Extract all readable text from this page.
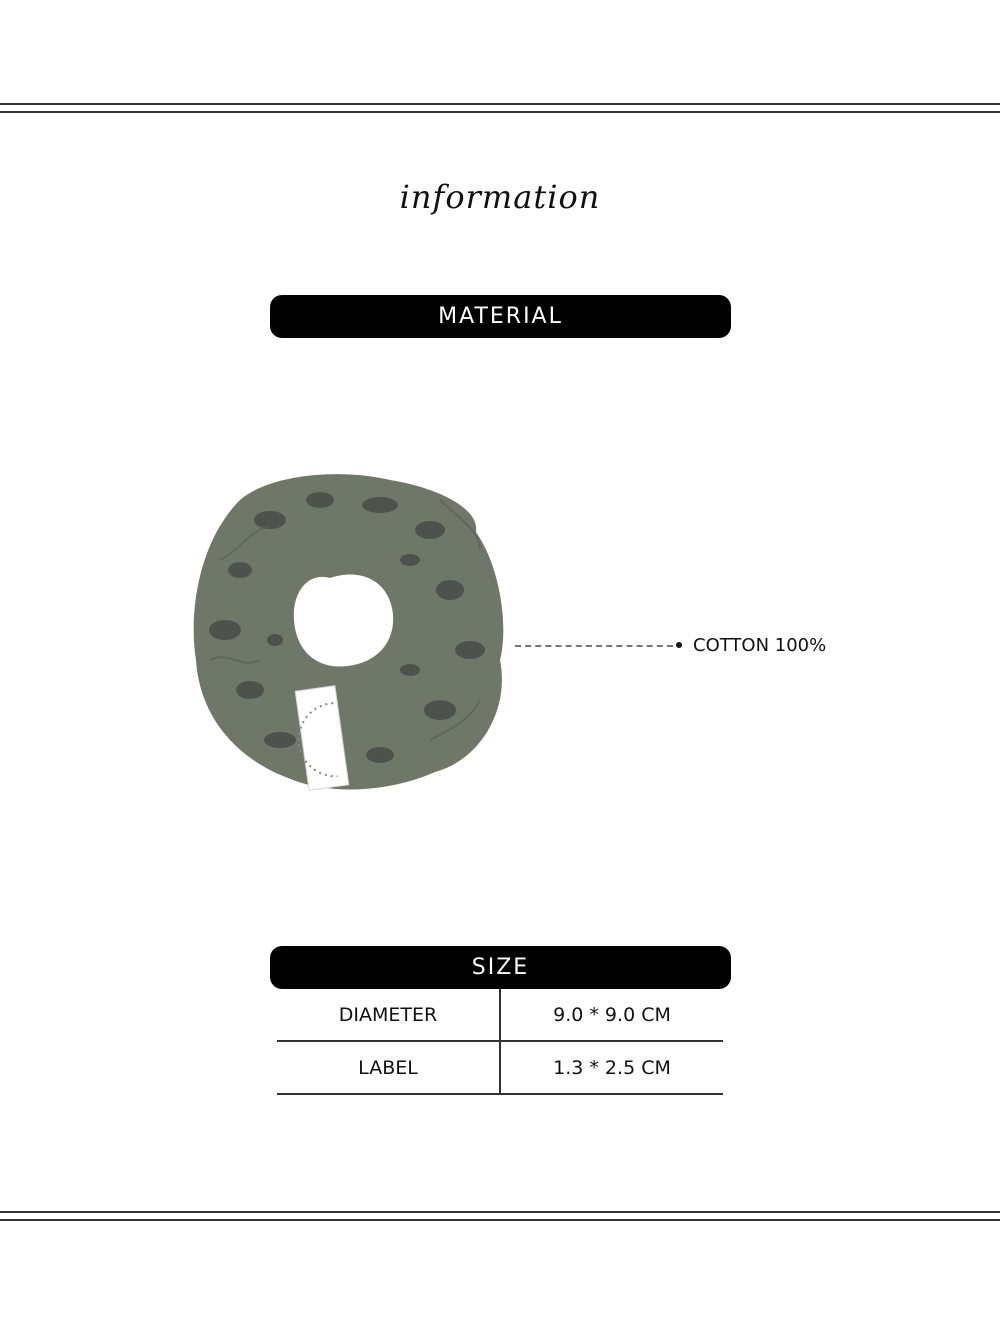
information
MATERIAL
COTTON 100%
SIZE
DIAMETER	9.0 * 9.0 CM
LABEL	1.3 * 2.5 CM
